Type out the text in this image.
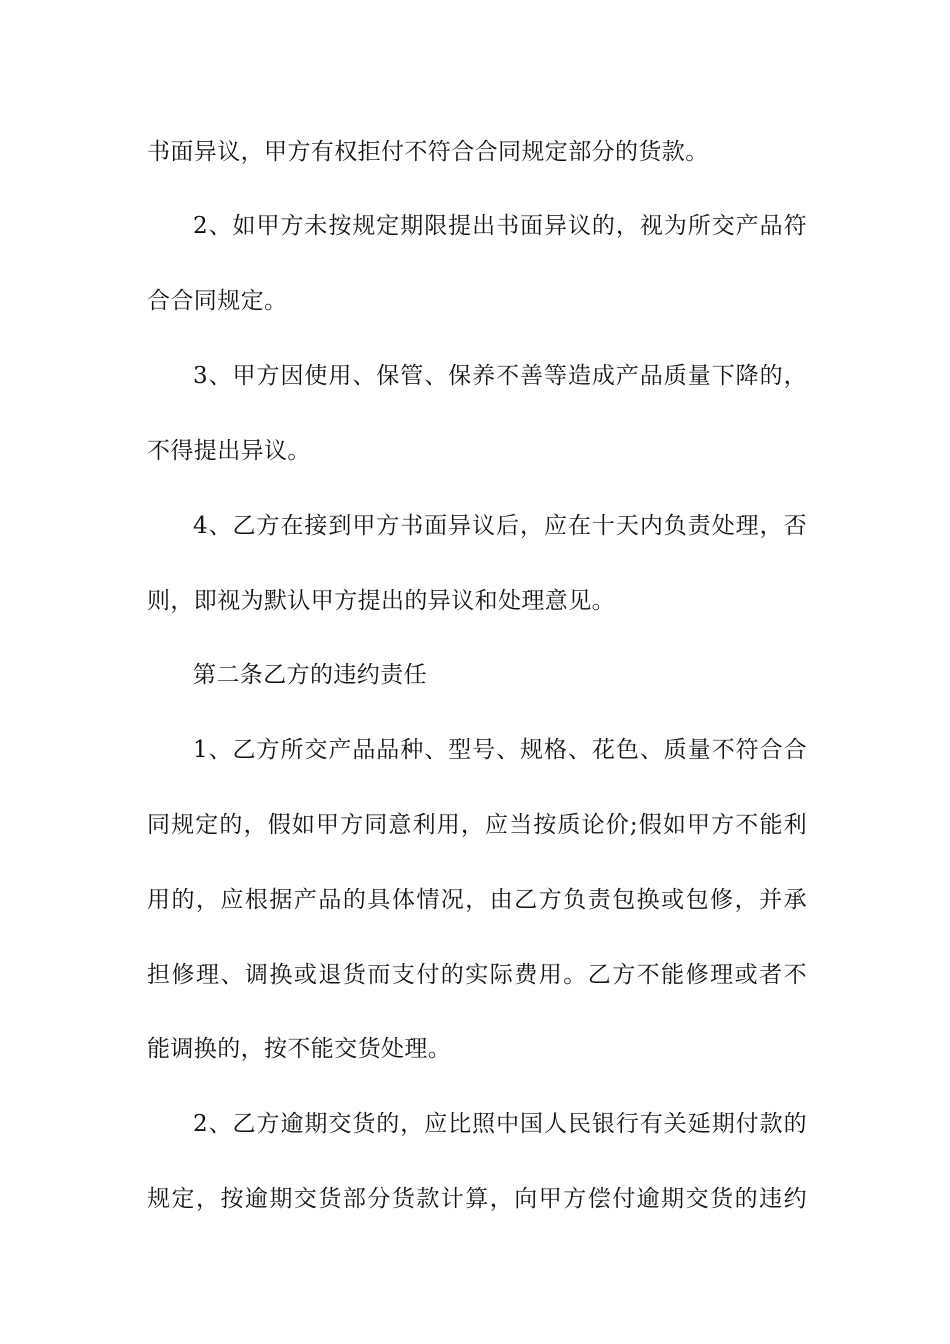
书面异议，甲方有权拒付不符合合同规定部分的货款。
2、如甲方未按规定期限提出书面异议的，视为所交产品符
合合同规定。
3、甲方因使用、保管、保养不善等造成产品质量下降的，
不得提出异议。
4、乙方在接到甲方书面异议后，应在十天内负责处理，否
则，即视为默认甲方提出的异议和处理意见。
第二条乙方的违约责任
1、乙方所交产品品种、型号、规格、花色、质量不符合合
同规定的，假如甲方同意利用，应当按质论价;假如甲方不能利
用的，应根据产品的具体情况，由乙方负责包换或包修，并承
担修理、调换或退货而支付的实际费用。乙方不能修理或者不
能调换的，按不能交货处理。
2、乙方逾期交货的，应比照中国人民银行有关延期付款的
规定，按逾期交货部分货款计算，向甲方偿付逾期交货的违约
